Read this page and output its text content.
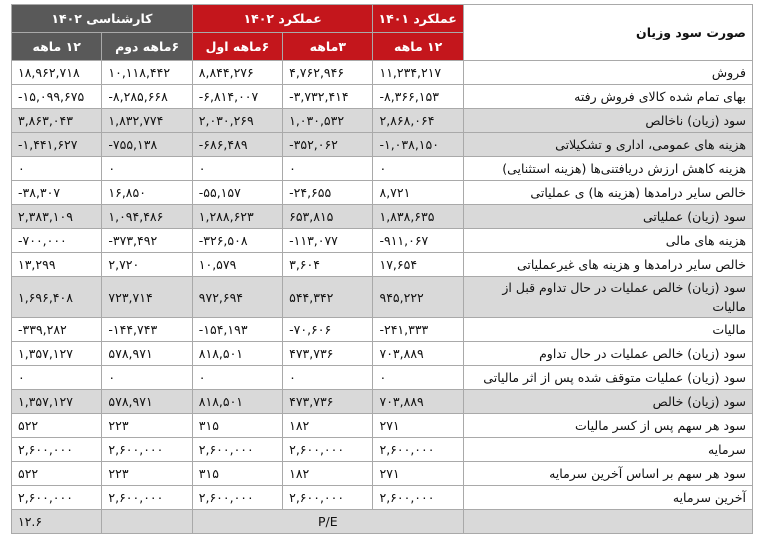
صورت سود وزیان	عملکرد ۱۴۰۱	عملکرد ۱۴۰۲		کارشناسی ۱۴۰۲	
	۱۲ ماهه	۳ماهه	۶ماهه اول	۶ماهه دوم	۱۲ ماهه
فروش	۱۱,۲۳۴,۲۱۷	۴,۷۶۲,۹۴۶	۸,۸۴۴,۲۷۶	۱۰,۱۱۸,۴۴۲	۱۸,۹۶۲,۷۱۸
بهای تمام شده کالای فروش رفته	-۸,۳۶۶,۱۵۳	-۳,۷۳۲,۴۱۴	-۶,۸۱۴,۰۰۷	-۸,۲۸۵,۶۶۸	-۱۵,۰۹۹,۶۷۵
سود (زیان) ناخالص	۲,۸۶۸,۰۶۴	۱,۰۳۰,۵۳۲	۲,۰۳۰,۲۶۹	۱,۸۳۲,۷۷۴	۳,۸۶۳,۰۴۳
هزینه های عمومی، اداری و تشکیلاتی	-۱,۰۳۸,۱۵۰	-۳۵۲,۰۶۲	-۶۸۶,۴۸۹	-۷۵۵,۱۳۸	-۱,۴۴۱,۶۲۷
هزینه کاهش ارزش دریافتنی‌ها (هزینه استثنایی)	۰	۰	۰	۰	۰
خالص سایر درامدها (هزینه ها) ی عملیاتی	۸,۷۲۱	-۲۴,۶۵۵	-۵۵,۱۵۷	۱۶,۸۵۰	-۳۸,۳۰۷
سود (زیان) عملیاتی	۱,۸۳۸,۶۳۵	۶۵۳,۸۱۵	۱,۲۸۸,۶۲۳	۱,۰۹۴,۴۸۶	۲,۳۸۳,۱۰۹
هزینه های مالی	-۹۱۱,۰۶۷	-۱۱۳,۰۷۷	-۳۲۶,۵۰۸	-۳۷۳,۴۹۲	-۷۰۰,۰۰۰
خالص سایر درامدها و هزینه های غیرعملیاتی	۱۷,۶۵۴	۳,۶۰۴	۱۰,۵۷۹	۲,۷۲۰	۱۳,۲۹۹
سود (زیان) خالص عملیات در حال تداوم قبل از مالیات	۹۴۵,۲۲۲	۵۴۴,۳۴۲	۹۷۲,۶۹۴	۷۲۳,۷۱۴	۱,۶۹۶,۴۰۸
مالیات	-۲۴۱,۳۳۳	-۷۰,۶۰۶	-۱۵۴,۱۹۳	-۱۴۴,۷۴۳	-۳۳۹,۲۸۲
سود (زیان) خالص عملیات در حال تداوم	۷۰۳,۸۸۹	۴۷۳,۷۳۶	۸۱۸,۵۰۱	۵۷۸,۹۷۱	۱,۳۵۷,۱۲۷
سود (زیان) عملیات متوقف شده پس از اثر مالیاتی	۰	۰	۰	۰	۰
سود (زیان) خالص	۷۰۳,۸۸۹	۴۷۳,۷۳۶	۸۱۸,۵۰۱	۵۷۸,۹۷۱	۱,۳۵۷,۱۲۷
سود هر سهم پس از کسر مالیات	۲۷۱	۱۸۲	۳۱۵	۲۲۳	۵۲۲
سرمایه	۲,۶۰۰,۰۰۰	۲,۶۰۰,۰۰۰	۲,۶۰۰,۰۰۰	۲,۶۰۰,۰۰۰	۲,۶۰۰,۰۰۰
سود هر سهم بر اساس آخرین سرمایه	۲۷۱	۱۸۲	۳۱۵	۲۲۳	۵۲۲
آخرین سرمایه	۲,۶۰۰,۰۰۰	۲,۶۰۰,۰۰۰	۲,۶۰۰,۰۰۰	۲,۶۰۰,۰۰۰	۲,۶۰۰,۰۰۰
	P/E				۱۲.۶
